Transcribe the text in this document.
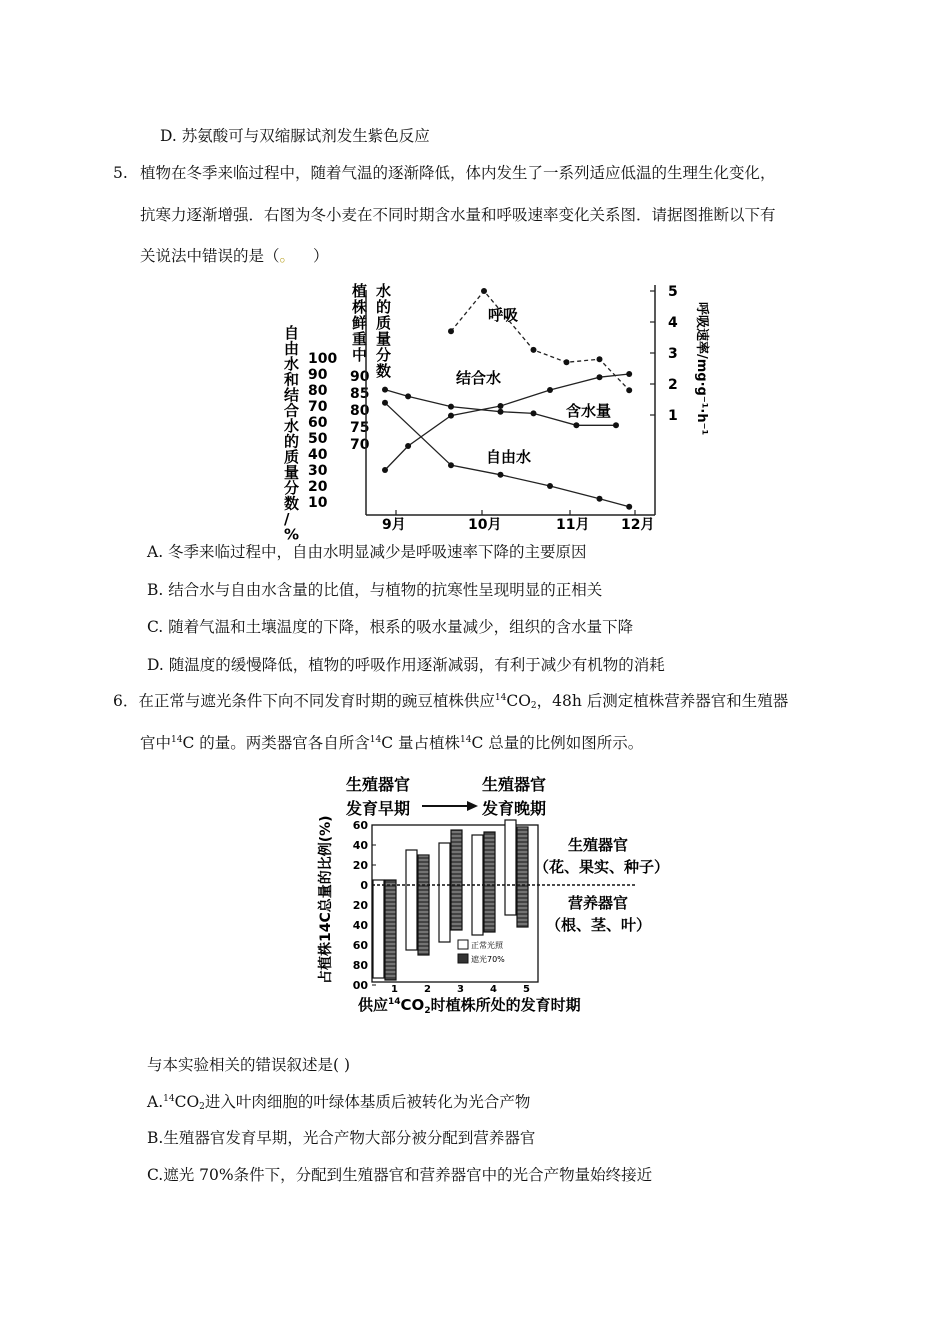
D. 苏氨酸可与双缩脲试剂发生紫色反应
5. 植物在冬季来临过程中，随着气温的逐渐降低，体内发生了一系列适应低温的生理生化变化，
抗寒力逐渐增强．右图为冬小麦在不同时期含水量和呼吸速率变化关系图．请据图推断以下有
关说法中错误的是（。 ）
自由水和结合水的质量分数/ %
100
90
80
70
60
50
40
30
20
10
植株鲜重中
水的质量分数
90
85
80
75
70
9月	10月	11月 12月
5
4
3
2
1 呼吸速率/mg·g⁻¹·h⁻¹
呼吸
结合水
含水量
自由水
A. 冬季来临过程中，自由水明显减少是呼吸速率下降的主要原因
B. 结合水与自由水含量的比值，与植物的抗寒性呈现明显的正相关
C. 随着气温和土壤温度的下降，根系的吸水量减少，组织的含水量下降
D. 随温度的缓慢降低，植物的呼吸作用逐渐减弱，有利于减少有机物的消耗
6．在正常与遮光条件下向不同发育时期的豌豆植株供应$^{14}CO_2$，48h 后测定植株营养器官和生殖器
官中$^{14}$C 的量。两类器官各自所含$^{14}$C 量占植株$^{14}$C 总量的比例如图所示。
生殖器官
发育早期
生殖器官
发育晚期
占植株14C总量的比例(%) 60
40
20
0
20
40
60
80
00 1	2	3	4	5
正常光照
遮光70%
供应$^{14}CO_2$时植株所处的发育时期
生殖器官
（花、果实、种子）
营养器官
（根、茎、叶）
与本实验相关的错误叙述是( )
$A.^{14}CO_2$进入叶肉细胞的叶绿体基质后被转化为光合产物
B.生殖器官发育早期，光合产物大部分被分配到营养器官
C.遮光 70%条件下，分配到生殖器官和营养器官中的光合产物量始终接近
